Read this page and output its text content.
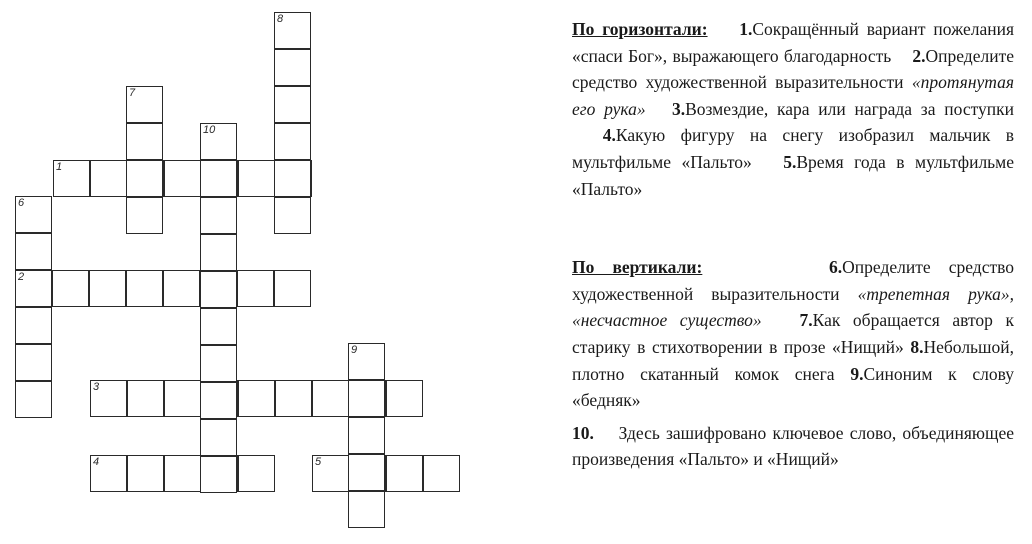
1
2
3
4	5
6
7
8
9
10

По горизонтали: 1.Сокращённый вариант пожелания «спаси Бог», выражающего благодарность 2.Определите средство художественной выразительности «протянутая его рука» 3.Возмездие, кара или награда за поступки   4.Какую фигуру на снегу изобразил мальчик в мультфильме «Пальто» 5.Время года в мультфильме «Пальто»

По вертикали:	6.Определите средство художественной выразительности «трепетная рука», «несчастное существо» 7.Как обращается автор к старику в стихотворении в прозе «Нищий» 8.Небольшой, плотно скатанный комок снега 9.Синоним к слову «бедняк»

10. Здесь зашифровано ключевое слово, объединяющее произведения «Пальто» и «Нищий»
